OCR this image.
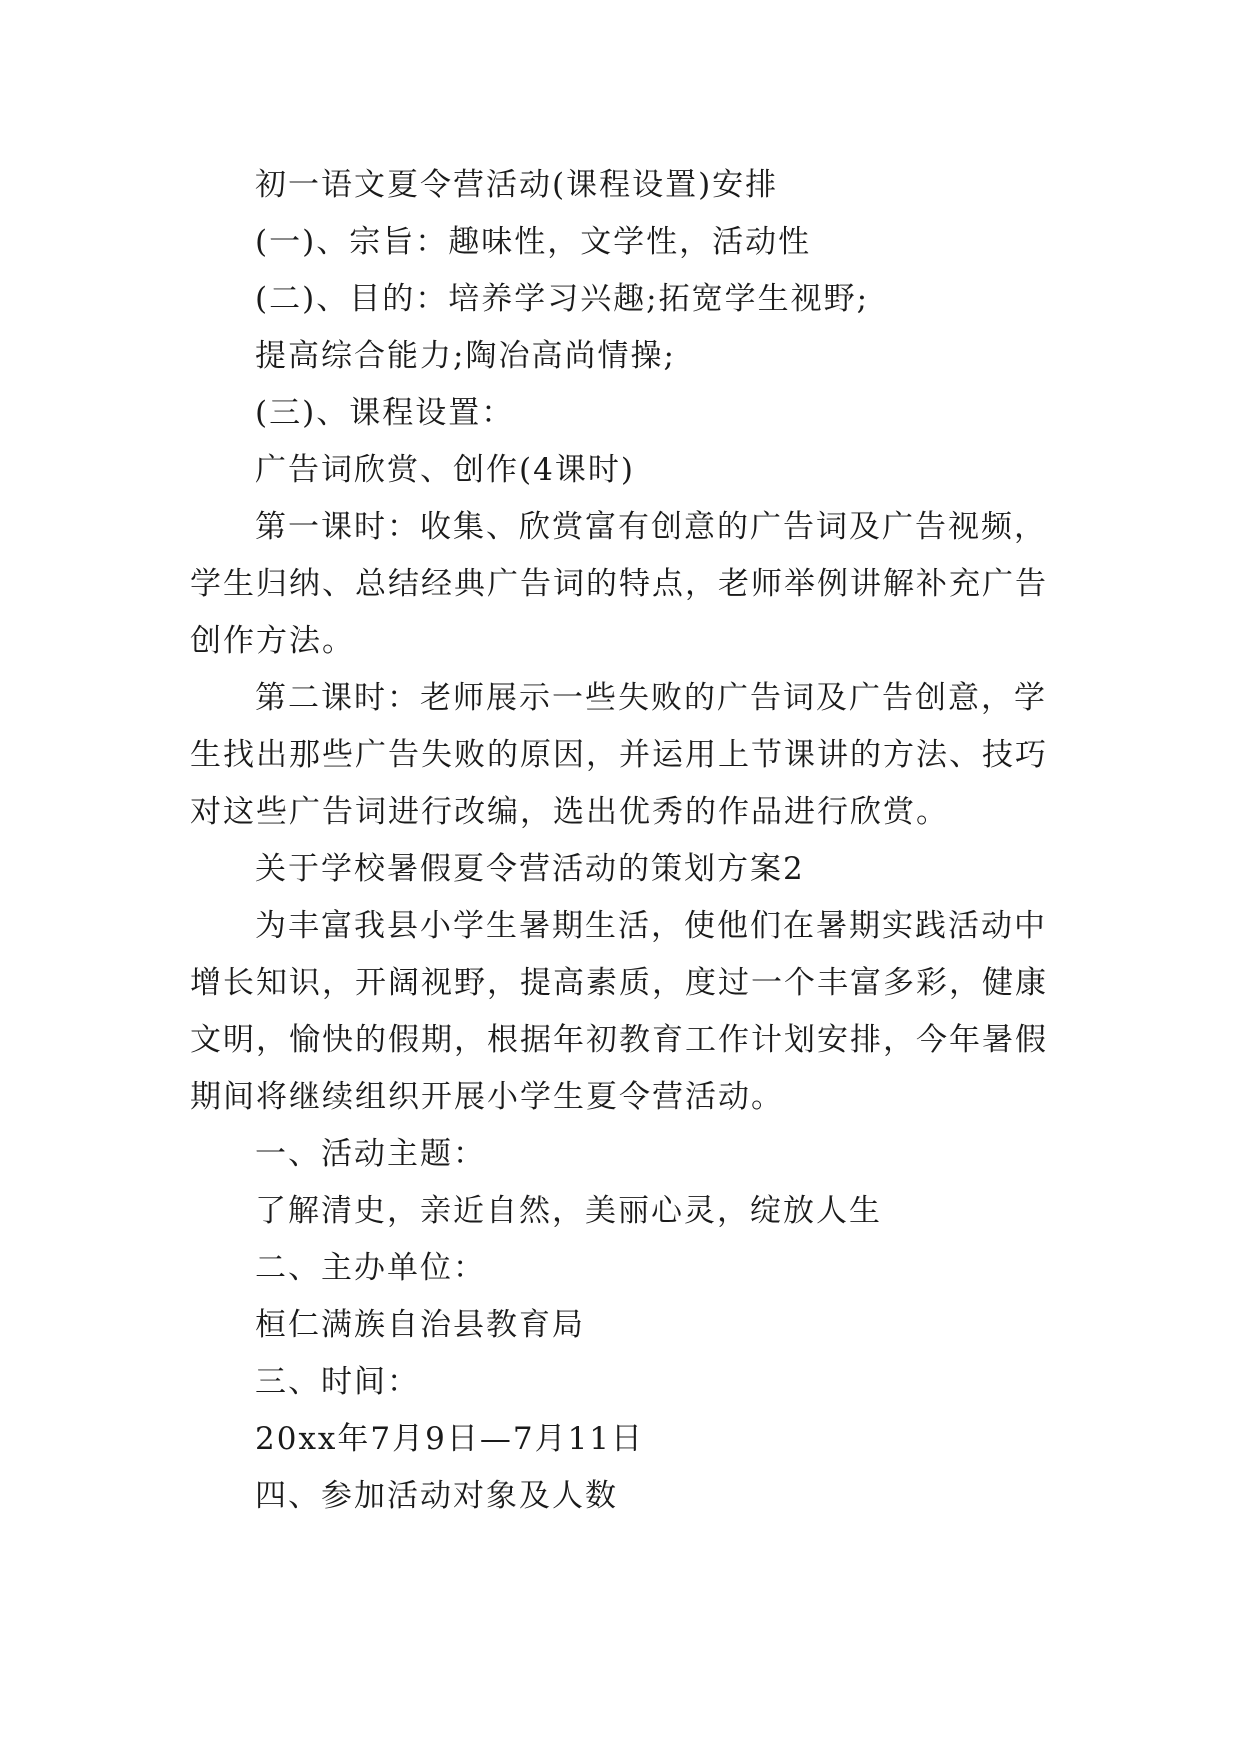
初一语文夏令营活动(课程设置)安排
(一)、宗旨：趣味性，文学性，活动性
(二)、目的：培养学习兴趣;拓宽学生视野;
提高综合能力;陶冶高尚情操;
(三)、课程设置：
广告词欣赏、创作(4课时)
第一课时：收集、欣赏富有创意的广告词及广告视频，
学生归纳、总结经典广告词的特点，老师举例讲解补充广告
创作方法。
第二课时：老师展示一些失败的广告词及广告创意，学
生找出那些广告失败的原因，并运用上节课讲的方法、技巧
对这些广告词进行改编，选出优秀的作品进行欣赏。
关于学校暑假夏令营活动的策划方案2
为丰富我县小学生暑期生活，使他们在暑期实践活动中
增长知识，开阔视野，提高素质，度过一个丰富多彩，健康
文明，愉快的假期，根据年初教育工作计划安排，今年暑假
期间将继续组织开展小学生夏令营活动。
一、活动主题：
了解清史，亲近自然，美丽心灵，绽放人生
二、主办单位：
桓仁满族自治县教育局
三、时间：
20xx年7月9日—7月11日
四、参加活动对象及人数
